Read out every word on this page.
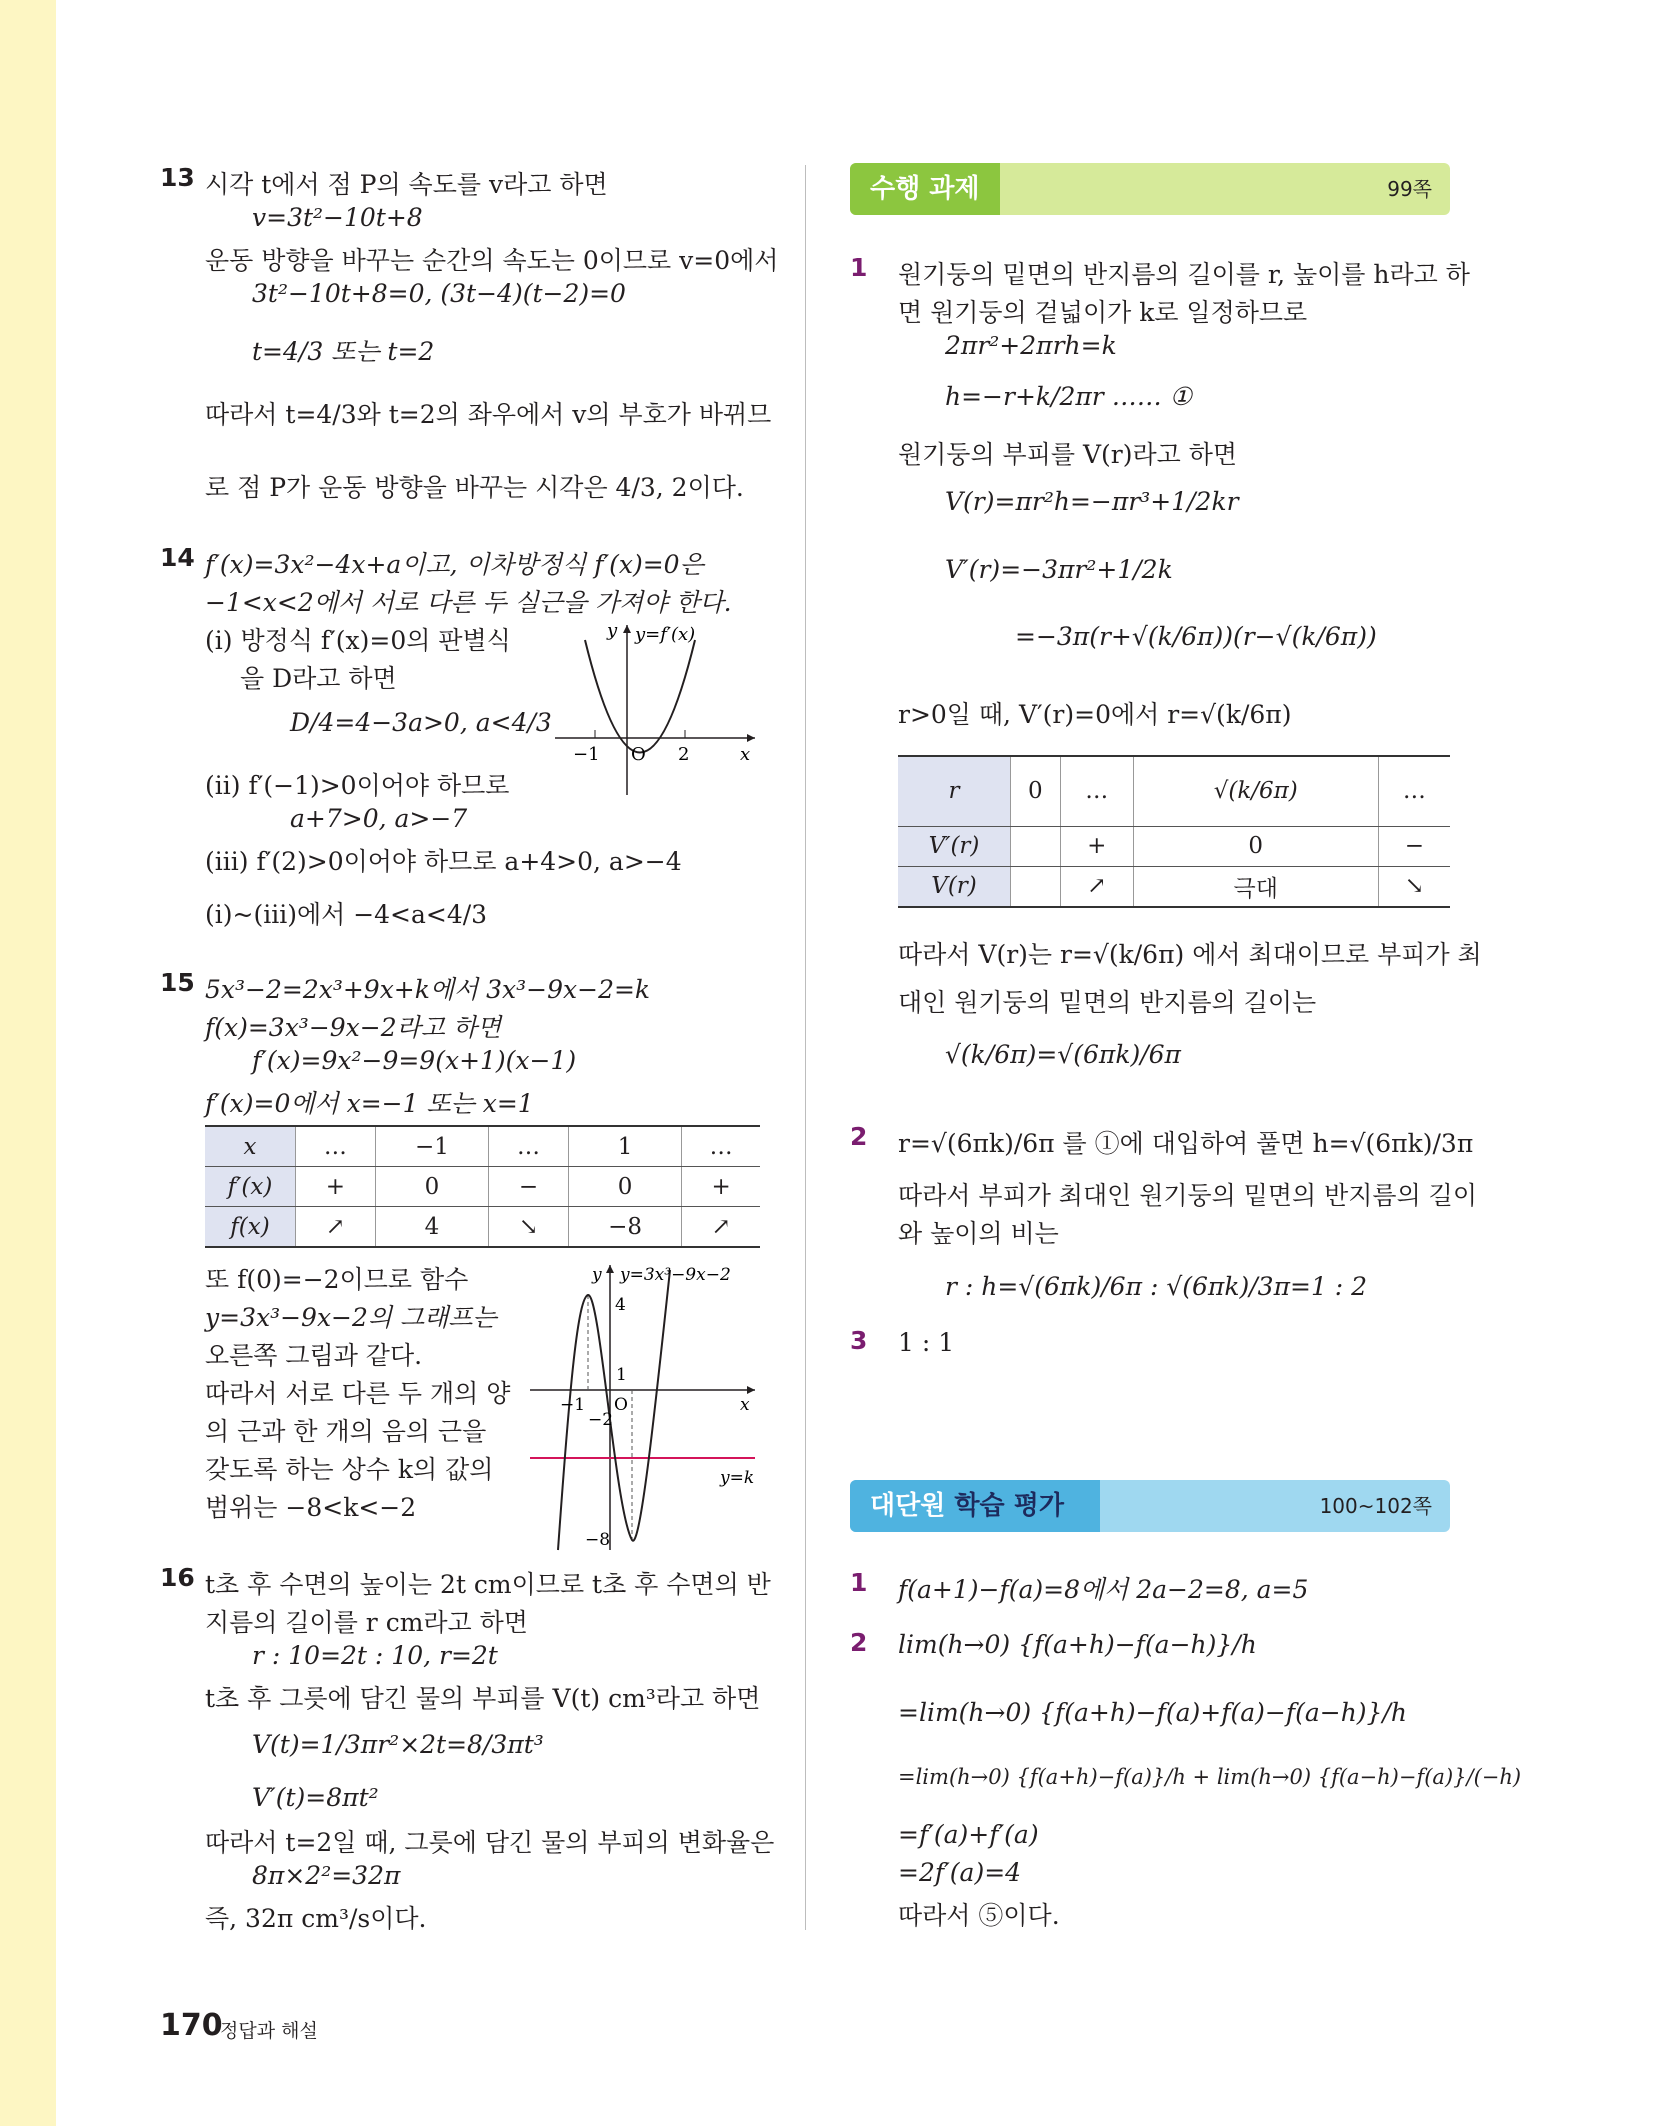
13 시각 t에서 점 P의 속도를 v라고 하면
v=3t²−10t+8
운동 방향을 바꾸는 순간의 속도는 0이므로 v=0에서
3t²−10t+8=0, (3t−4)(t−2)=0
t=4/3 또는 t=2
따라서 t=4/3와 t=2의 좌우에서 v의 부호가 바뀌므
로 점 P가 운동 방향을 바꾸는 시각은 4/3, 2이다.
14 f′(x)=3x²−4x+a이고, 이차방정식 f′(x)=0은
−1<x<2에서 서로 다른 두 실근을 가져야 한다.
(i) 방정식 f′(x)=0의 판별식
을 D라고 하면
D/4=4−3a>0, a<4/3
(ii) f′(−1)>0이어야 하므로
a+7>0, a>−7
(iii) f′(2)>0이어야 하므로 a+4>0, a>−4
(i)~(iii)에서 −4<a<4/3
y=f′(x)
y
x
−1 O 2
15 5x³−2=2x³+9x+k에서 3x³−9x−2=k
f(x)=3x³−9x−2라고 하면
f′(x)=9x²−9=9(x+1)(x−1)
f′(x)=0에서 x=−1 또는 x=1
x	…	−1	…	1	…
f′(x)	+	0	−	0	+
f(x)	↗	4	↘	−8	↗
또 f(0)=−2이므로 함수
y=3x³−9x−2의 그래프는
오른쪽 그림과 같다.
따라서 서로 다른 두 개의 양
의 근과 한 개의 음의 근을
갖도록 하는 상수 k의 값의
범위는 −8<k<−2
y y=3x³−9x−2
4
1
O
−1
−2
−8
x
y=k
16 t초 후 수면의 높이는 2t cm이므로 t초 후 수면의 반
지름의 길이를 r cm라고 하면
r : 10=2t : 10, r=2t
t초 후 그릇에 담긴 물의 부피를 V(t) cm³라고 하면
V(t)=1/3πr²×2t=8/3πt³
V′(t)=8πt²
따라서 t=2일 때, 그릇에 담긴 물의 부피의 변화율은
8π×2²=32π
즉, 32π cm³/s이다.
수행 과제	99쪽
1 원기둥의 밑면의 반지름의 길이를 r, 높이를 h라고 하
면 원기둥의 겉넓이가 k로 일정하므로
2πr²+2πrh=k
h=−r+k/2πr …… ①
원기둥의 부피를 V(r)라고 하면
V(r)=πr²h=−πr³+1/2kr
V′(r)=−3πr²+1/2k
=−3π(r+√(k/6π))(r−√(k/6π))
r>0일 때, V′(r)=0에서 r=√(k/6π)
r	0	…	√(k/6π)	…
V′(r)		+	0	−
V(r)		↗	극대	↘
따라서 V(r)는 r=√(k/6π) 에서 최대이므로 부피가 최
대인 원기둥의 밑면의 반지름의 길이는
√(k/6π)=√(6πk)/6π
2 r=√(6πk)/6π 를 ①에 대입하여 풀면 h=√(6πk)/3π
따라서 부피가 최대인 원기둥의 밑면의 반지름의 길이
와 높이의 비는
r : h=√(6πk)/6π : √(6πk)/3π=1 : 2
3 1 : 1
대단원 학습 평가	100~102쪽
1 f(a+1)−f(a)=8에서 2a−2=8, a=5
2 lim(h→0) {f(a+h)−f(a−h)}/h
=lim(h→0) {f(a+h)−f(a)+f(a)−f(a−h)}/h
=lim(h→0) {f(a+h)−f(a)}/h + lim(h→0) {f(a−h)−f(a)}/(−h)
=f′(a)+f′(a)
=2f′(a)=4
따라서 ⑤이다.
170
정답과 해설
